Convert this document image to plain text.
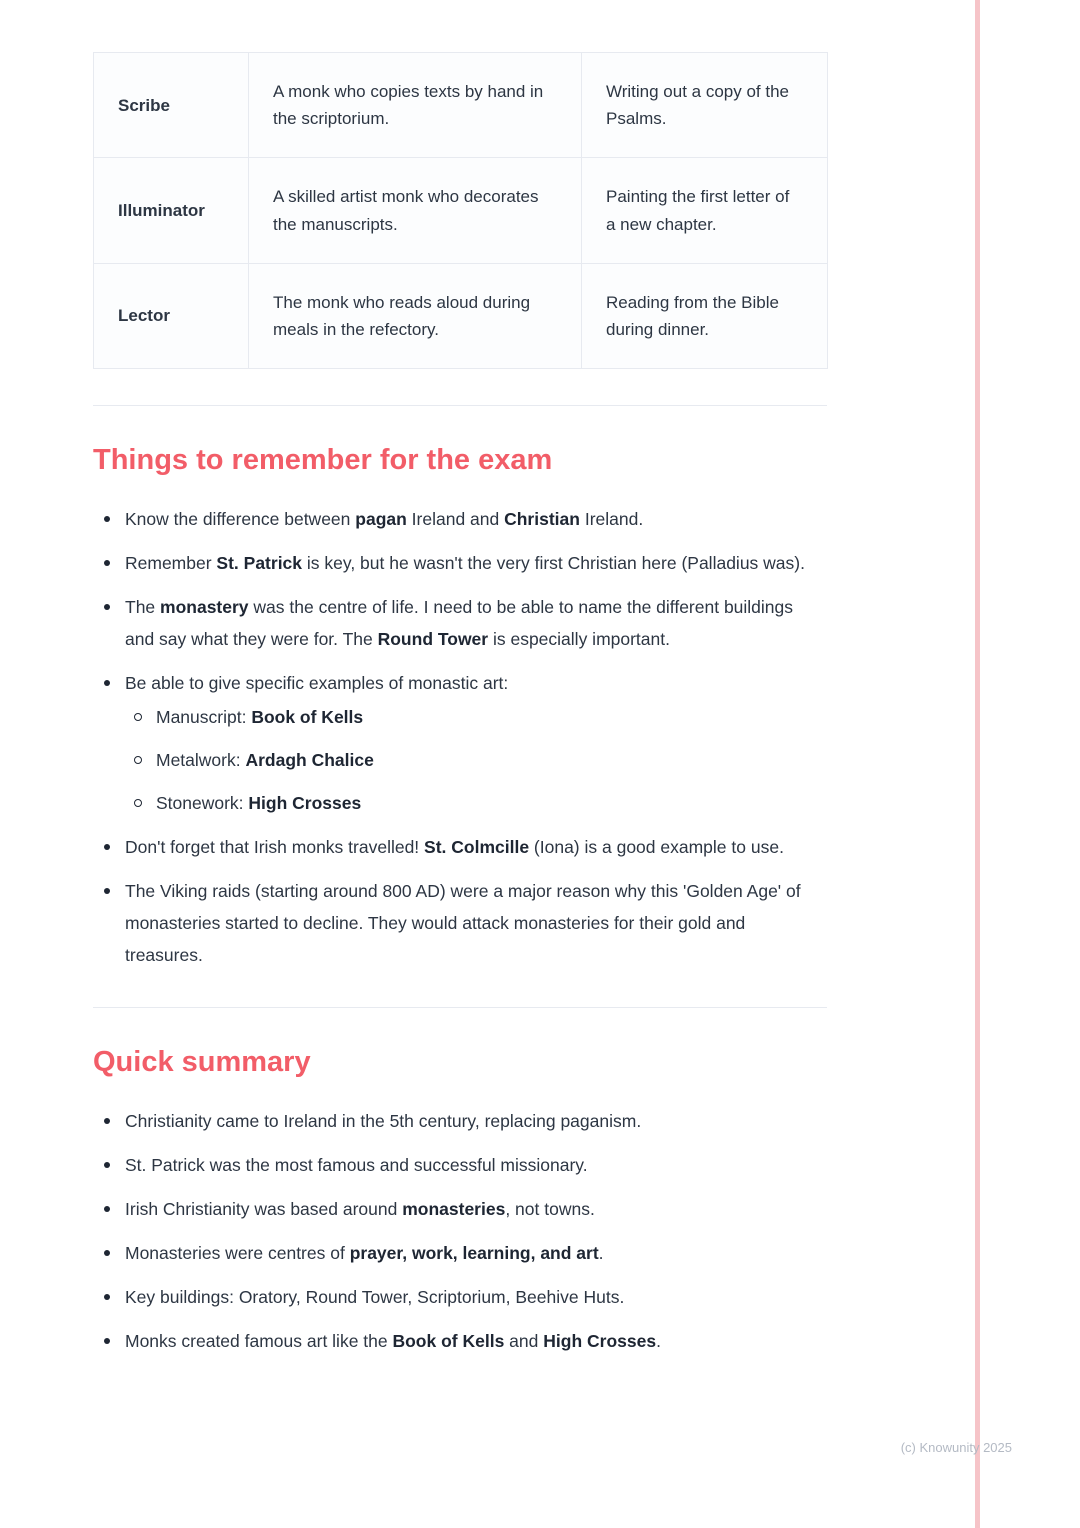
Scribe	A monk who copies texts by hand in the scriptorium.	Writing out a copy of the Psalms.
Illuminator	A skilled artist monk who decorates the manuscripts.	Painting the first letter of a new chapter.
Lector	The monk who reads aloud during meals in the refectory.	Reading from the Bible during dinner.
Things to remember for the exam
Know the difference between pagan Ireland and Christian Ireland.
Remember St. Patrick is key, but he wasn't the very first Christian here (Palladius was).
The monastery was the centre of life. I need to be able to name the different buildings and say what they were for. The Round Tower is especially important.
Be able to give specific examples of monastic art:
Manuscript: Book of Kells
Metalwork: Ardagh Chalice
Stonework: High Crosses
Don't forget that Irish monks travelled! St. Colmcille (Iona) is a good example to use.
The Viking raids (starting around 800 AD) were a major reason why this 'Golden Age' of monasteries started to decline. They would attack monasteries for their gold and treasures.
Quick summary
Christianity came to Ireland in the 5th century, replacing paganism.
St. Patrick was the most famous and successful missionary.
Irish Christianity was based around monasteries, not towns.
Monasteries were centres of prayer, work, learning, and art.
Key buildings: Oratory, Round Tower, Scriptorium, Beehive Huts.
Monks created famous art like the Book of Kells and High Crosses.
(c) Knowunity 2025
